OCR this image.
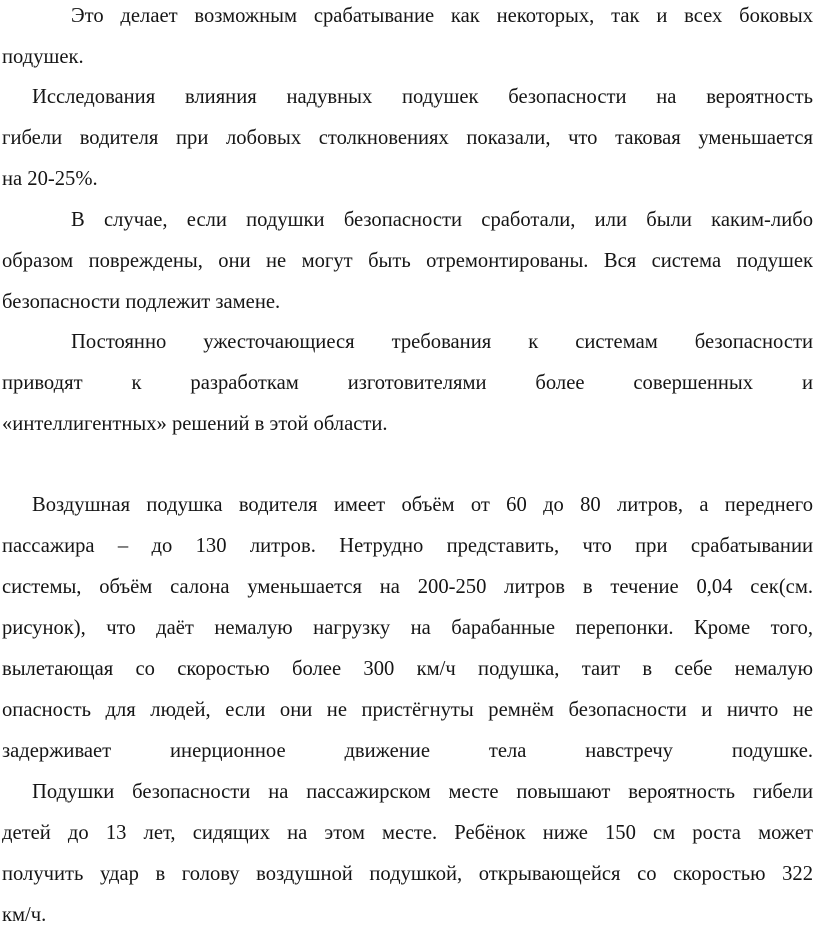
Это делает возможным срабатывание как некоторых, так и всех боковых
подушек.
Исследования влияния надувных подушек безопасности на вероятность
гибели водителя при лобовых столкновениях показали, что таковая уменьшается
на 20-25%.
В случае, если подушки безопасности сработали, или были каким-либо
образом повреждены, они не могут быть отремонтированы. Вся система подушек
безопасности подлежит замене.
Постоянно ужесточающиеся требования к системам безопасности
приводят к разработкам изготовителями более совершенных и
«интеллигентных» решений в этой области.
Воздушная подушка водителя имеет объём от 60 до 80 литров, а переднего
пассажира – до 130 литров. Нетрудно представить, что при срабатывании
системы, объём салона уменьшается на 200-250 литров в течение 0,04 сек(см.
рисунок), что даёт немалую нагрузку на барабанные перепонки. Кроме того,
вылетающая со скоростью более 300 км/ч подушка, таит в себе немалую
опасность для людей, если они не пристёгнуты ремнём безопасности и ничто не
задерживает инерционное движение тела навстречу подушке.
Подушки безопасности на пассажирском месте повышают вероятность гибели
детей до 13 лет, сидящих на этом месте. Ребёнок ниже 150 см роста может
получить удар в голову воздушной подушкой, открывающейся со скоростью 322
км/ч.
